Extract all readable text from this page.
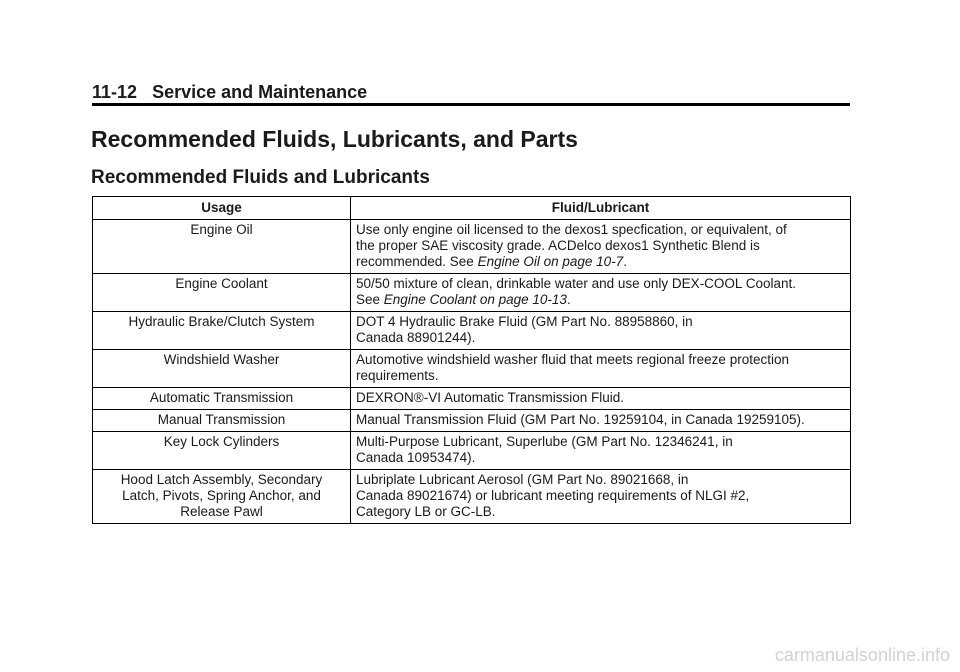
11-12 Service and Maintenance
Recommended Fluids, Lubricants, and Parts
Recommended Fluids and Lubricants
Usage	Fluid/Lubricant
Engine Oil	Use only engine oil licensed to the dexos1 specfication, or equivalent, of
the proper SAE viscosity grade. ACDelco dexos1 Synthetic Blend is
recommended. See Engine Oil on page 10-7.
Engine Coolant	50/50 mixture of clean, drinkable water and use only DEX-COOL Coolant.
See Engine Coolant on page 10-13.
Hydraulic Brake/Clutch System	DOT 4 Hydraulic Brake Fluid (GM Part No. 88958860, in
Canada 88901244).
Windshield Washer	Automotive windshield washer fluid that meets regional freeze protection
requirements.
Automatic Transmission	DEXRON®-VI Automatic Transmission Fluid.
Manual Transmission	Manual Transmission Fluid (GM Part No. 19259104, in Canada 19259105).
Key Lock Cylinders	Multi-Purpose Lubricant, Superlube (GM Part No. 12346241, in
Canada 10953474).
Hood Latch Assembly, Secondary
Latch, Pivots, Spring Anchor, and
Release Pawl	Lubriplate Lubricant Aerosol (GM Part No. 89021668, in
Canada 89021674) or lubricant meeting requirements of NLGI #2,
Category LB or GC-LB.
carmanualsonline.info
